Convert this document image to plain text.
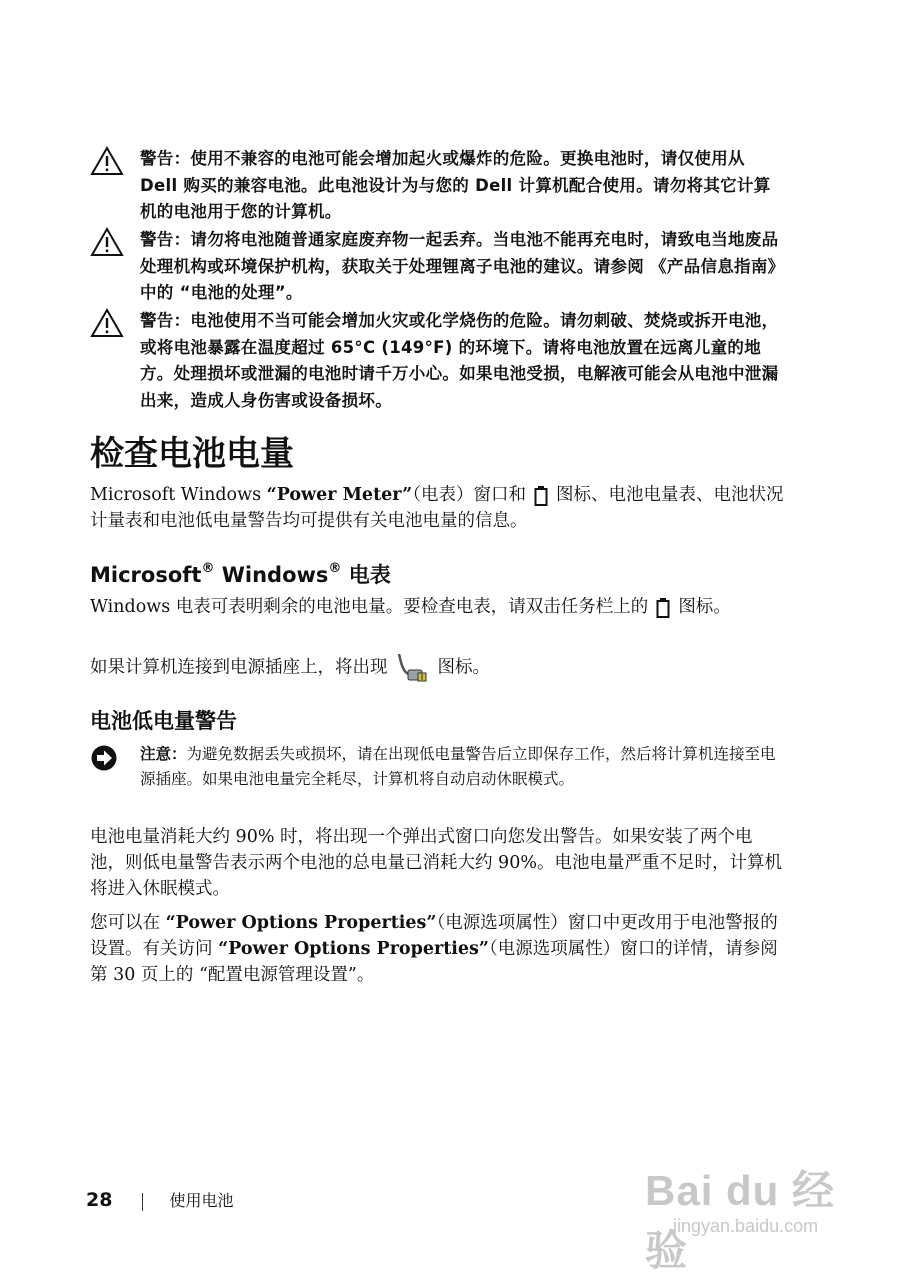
警告：使用不兼容的电池可能会增加起火或爆炸的危险。更换电池时，请仅使用从 Dell 购买的兼容电池。此电池设计为与您的 Dell 计算机配合使用。请勿将其它计算机的电池用于您的计算机。
警告：请勿将电池随普通家庭废弃物一起丢弃。当电池不能再充电时，请致电当地废品处理机构或环境保护机构，获取关于处理锂离子电池的建议。请参阅 《产品信息指南》 中的 “电池的处理”。
警告：电池使用不当可能会增加火灾或化学烧伤的危险。请勿刺破、焚烧或拆开电池，或将电池暴露在温度超过 65°C (149°F) 的环境下。请将电池放置在远离儿童的地方。处理损坏或泄漏的电池时请千万小心。如果电池受损，电解液可能会从电池中泄漏出来，造成人身伤害或设备损坏。
检查电池电量
Microsoft Windows “Power Meter”（电表）窗口和 图标、电池电量表、电池状况计量表和电池低电量警告均可提供有关电池电量的信息。
Microsoft® Windows® 电表
Windows 电表可表明剩余的电池电量。要检查电表，请双击任务栏上的 图标。
如果计算机连接到电源插座上，将出现	图标。
电池低电量警告
注意：为避免数据丢失或损坏，请在出现低电量警告后立即保存工作，然后将计算机连接至电源插座。如果电池电量完全耗尽，计算机将自动启动休眠模式。
电池电量消耗大约 90% 时，将出现一个弹出式窗口向您发出警告。如果安装了两个电池，则低电量警告表示两个电池的总电量已消耗大约 90%。电池电量严重不足时，计算机将进入休眠模式。
您可以在 “Power Options Properties”（电源选项属性）窗口中更改用于电池警报的设置。有关访问 “Power Options Properties”（电源选项属性）窗口的详情，请参阅第 30 页上的 “配置电源管理设置”。
28	使用电池	Bai du 经验
jingyan.baidu.com
